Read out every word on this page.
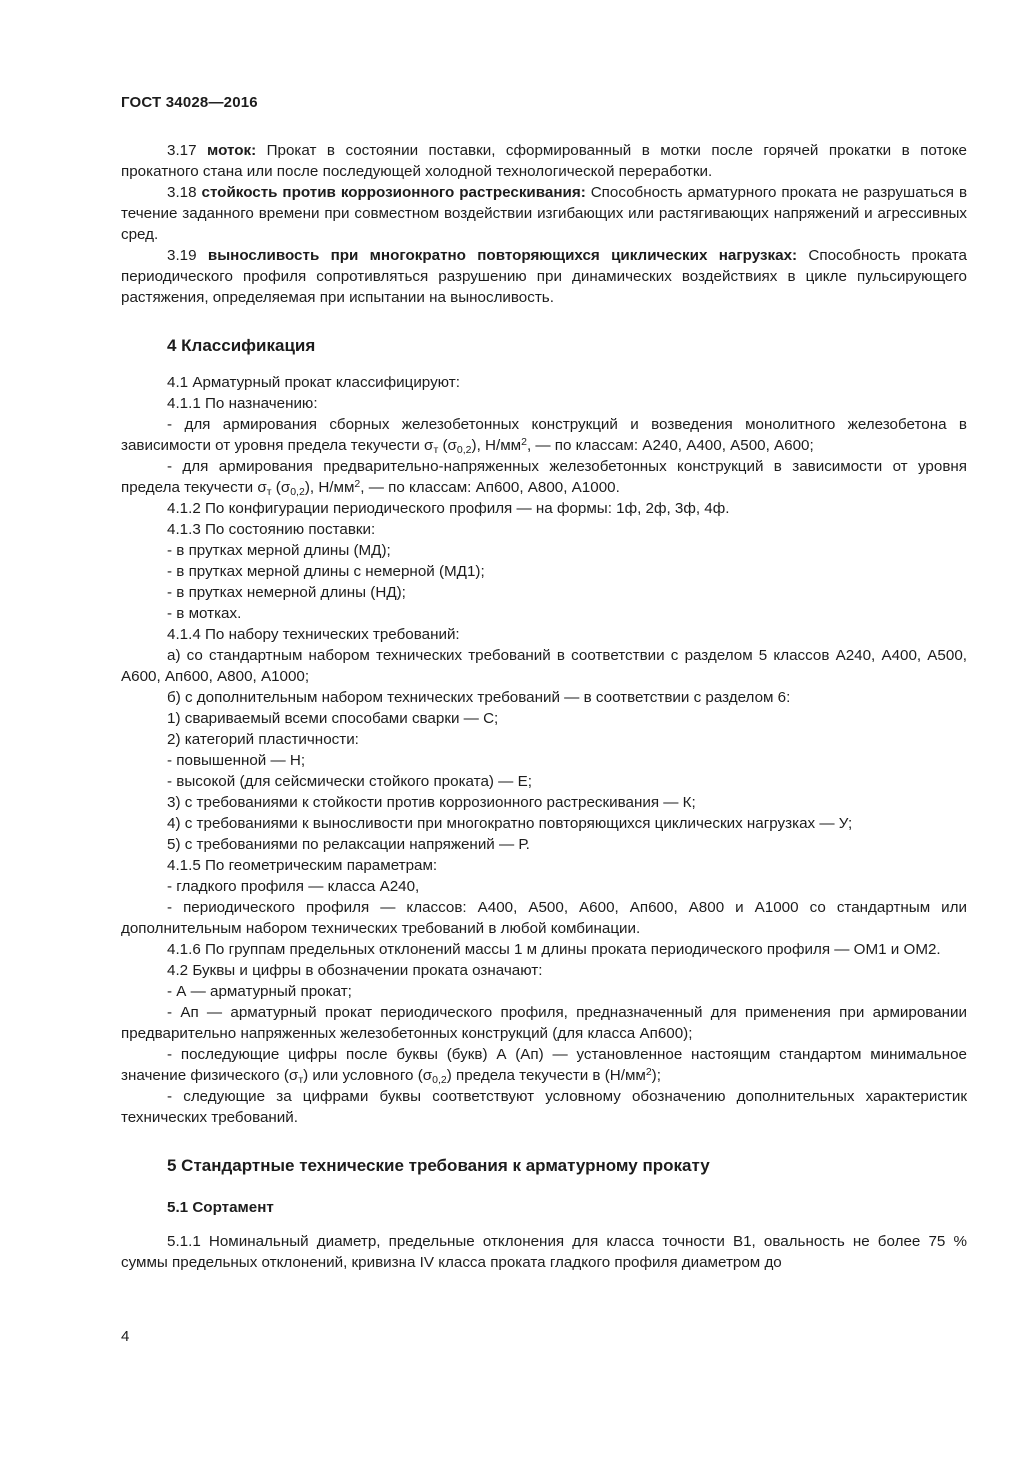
ГОСТ 34028—2016

3.17 моток: Прокат в состоянии поставки, сформированный в мотки после горячей прокатки в потоке прокатного стана или после последующей холодной технологической переработки.

3.18 стойкость против коррозионного растрескивания: Способность арматурного проката не разрушаться в течение заданного времени при совместном воздействии изгибающих или растягивающих напряжений и агрессивных сред.

3.19 выносливость при многократно повторяющихся циклических нагрузках: Способность проката периодического профиля сопротивляться разрушению при динамических воздействиях в цикле пульсирующего растяжения, определяемая при испытании на выносливость.

4 Классификация

4.1 Арматурный прокат классифицируют:

4.1.1 По назначению:

- для армирования сборных железобетонных конструкций и возведения монолитного железобетона в зависимости от уровня предела текучести $\sigma_т$ $(\sigma_{0,2})$, $Н/мм^2$, — по классам: А240, А400, А500, А600;

- для армирования предварительно-напряженных железобетонных конструкций в зависимости от уровня предела текучести $\sigma_т$ $(\sigma_{0,2})$, $Н/мм^2$, — по классам: Ап600, А800, А1000.

4.1.2 По конфигурации периодического профиля — на формы: 1ф, 2ф, 3ф, 4ф.

4.1.3 По состоянию поставки:

- в прутках мерной длины (МД);

- в прутках мерной длины с немерной (МД1);

- в прутках немерной длины (НД);

- в мотках.

4.1.4 По набору технических требований:

а) со стандартным набором технических требований в соответствии с разделом 5 классов А240, А400, А500, А600, Ап600, А800, А1000;

б) с дополнительным набором технических требований — в соответствии с разделом 6:

1) свариваемый всеми способами сварки — С;

2) категорий пластичности:

- повышенной — Н;

- высокой (для сейсмически стойкого проката) — Е;

3) с требованиями к стойкости против коррозионного растрескивания — К;

4) с требованиями к выносливости при многократно повторяющихся циклических нагрузках — У;

5) с требованиями по релаксации напряжений — Р.

4.1.5 По геометрическим параметрам:

- гладкого профиля — класса А240,

- периодического профиля — классов: А400, А500, А600, Ап600, А800 и А1000 со стандартным или дополнительным набором технических требований в любой комбинации.

4.1.6 По группам предельных отклонений массы 1 м длины проката периодического профиля — ОМ1 и ОМ2.

4.2 Буквы и цифры в обозначении проката означают:

- А — арматурный прокат;

- Ап — арматурный прокат периодического профиля, предназначенный для применения при армировании предварительно напряженных железобетонных конструкций (для класса Ап600);

- последующие цифры после буквы (букв) А (Ап) — установленное настоящим стандартом минимальное значение физического $(\sigma_т)$ или условного $(\sigma_{0,2})$ предела текучести в $(Н/мм^2)$;

- следующие за цифрами буквы соответствуют условному обозначению дополнительных характеристик технических требований.

5 Стандартные технические требования к арматурному прокату
5.1 Сортамент

5.1.1 Номинальный диаметр, предельные отклонения для класса точности В1, овальность не более 75 % суммы предельных отклонений, кривизна IV класса проката гладкого профиля диаметром до

4
